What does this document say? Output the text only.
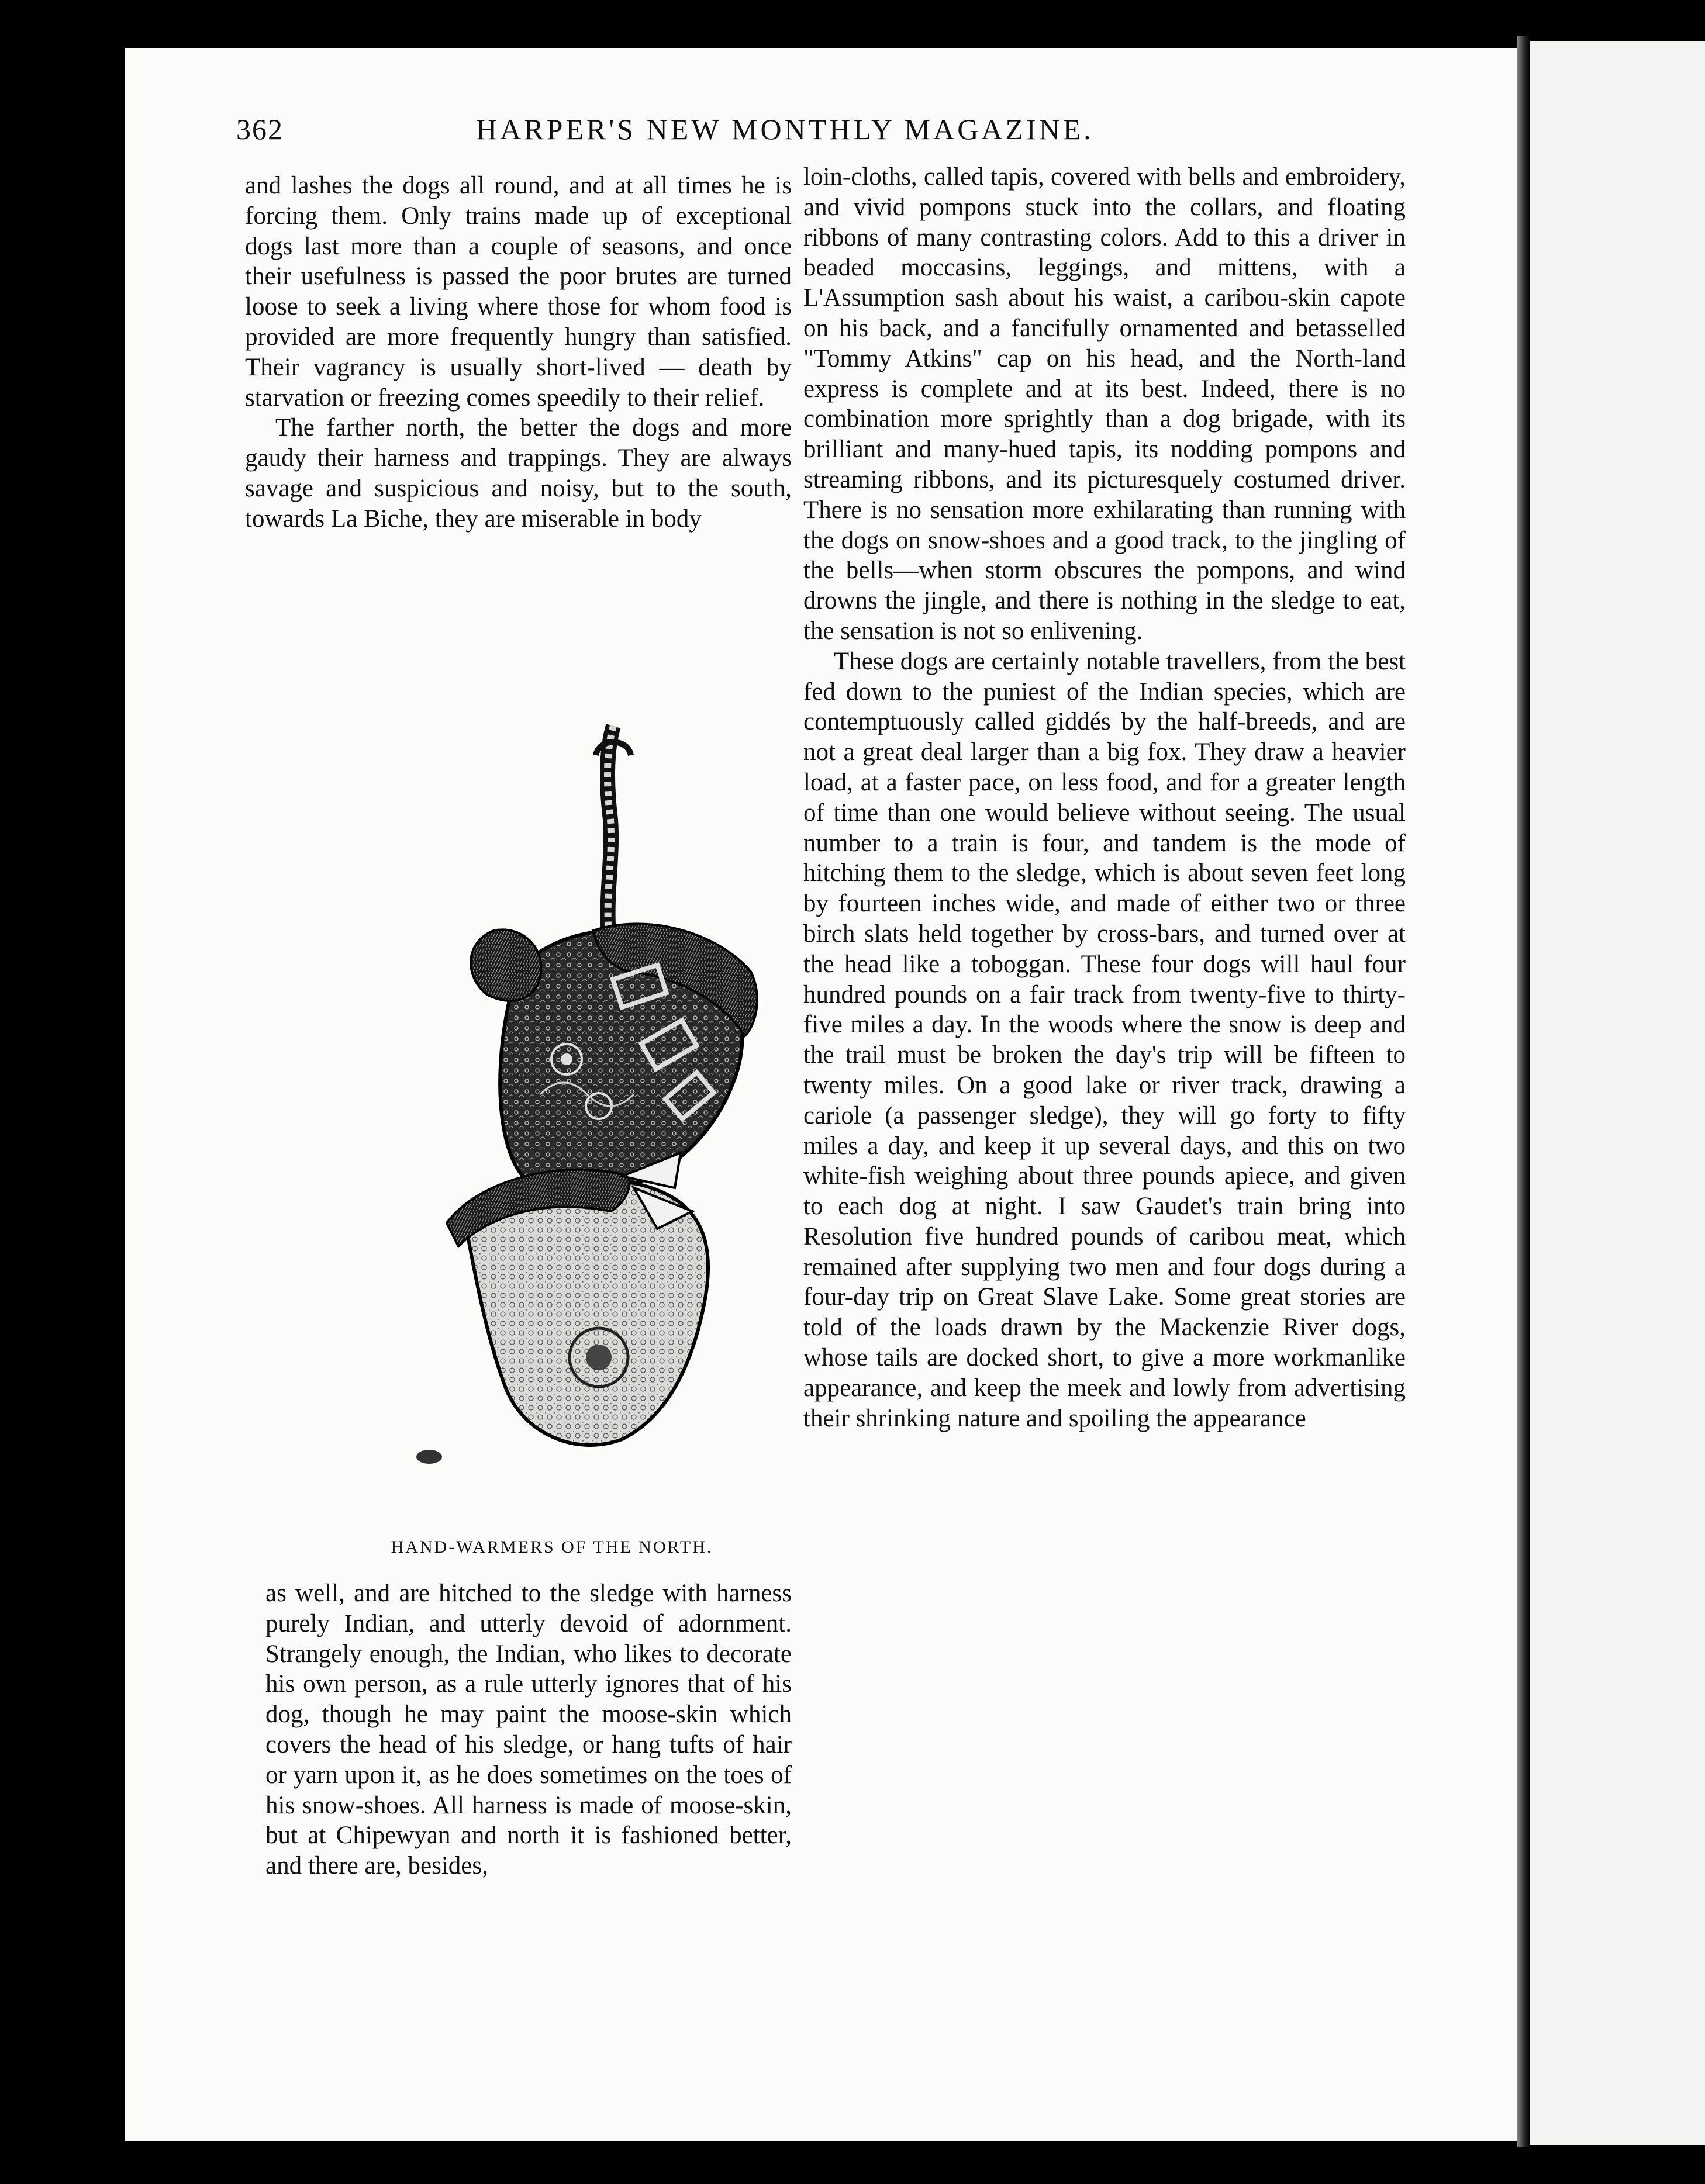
362	HARPER'S NEW MONTHLY MAGAZINE.

and lashes the dogs all round, and at all times he is forcing them. Only trains made up of exceptional dogs last more than a couple of seasons, and once their usefulness is passed the poor brutes are turned loose to seek a living where those for whom food is provided are more frequently hungry than satisfied. Their vagrancy is usually short-lived — death by starvation or freezing comes speedily to their relief.

The farther north, the better the dogs and more gaudy their harness and trappings. They are always savage and suspicious and noisy, but to the south, towards La Biche, they are miserable in body

HAND-WARMERS OF THE NORTH.

as well, and are hitched to the sledge with harness purely Indian, and utterly devoid of adornment. Strangely enough, the Indian, who likes to decorate his own person, as a rule utterly ignores that of his dog, though he may paint the moose-skin which covers the head of his sledge, or hang tufts of hair or yarn upon it, as he does sometimes on the toes of his snow-shoes. All harness is made of moose-skin, but at Chipewyan and north it is fashioned better, and there are, besides,

loin-cloths, called tapis, covered with bells and embroidery, and vivid pompons stuck into the collars, and floating ribbons of many contrasting colors. Add to this a driver in beaded moccasins, leggings, and mittens, with a L'Assumption sash about his waist, a caribou-skin capote on his back, and a fancifully ornamented and betasselled "Tommy Atkins" cap on his head, and the North-land express is complete and at its best. Indeed, there is no combination more sprightly than a dog brigade, with its brilliant and many-hued tapis, its nodding pompons and streaming ribbons, and its picturesquely costumed driver. There is no sensation more exhilarating than running with the dogs on snow-shoes and a good track, to the jingling of the bells—when storm obscures the pompons, and wind drowns the jingle, and there is nothing in the sledge to eat, the sensation is not so enlivening.

These dogs are certainly notable travellers, from the best fed down to the puniest of the Indian species, which are contemptuously called giddés by the half-breeds, and are not a great deal larger than a big fox. They draw a heavier load, at a faster pace, on less food, and for a greater length of time than one would believe without seeing. The usual number to a train is four, and tandem is the mode of hitching them to the sledge, which is about seven feet long by fourteen inches wide, and made of either two or three birch slats held together by cross-bars, and turned over at the head like a toboggan. These four dogs will haul four hundred pounds on a fair track from twenty-five to thirty-five miles a day. In the woods where the snow is deep and the trail must be broken the day's trip will be fifteen to twenty miles. On a good lake or river track, drawing a cariole (a passenger sledge), they will go forty to fifty miles a day, and keep it up several days, and this on two white-fish weighing about three pounds apiece, and given to each dog at night. I saw Gaudet's train bring into Resolution five hundred pounds of caribou meat, which remained after supplying two men and four dogs during a four-day trip on Great Slave Lake. Some great stories are told of the loads drawn by the Mackenzie River dogs, whose tails are docked short, to give a more workmanlike appearance, and keep the meek and lowly from advertising their shrinking nature and spoiling the appearance
